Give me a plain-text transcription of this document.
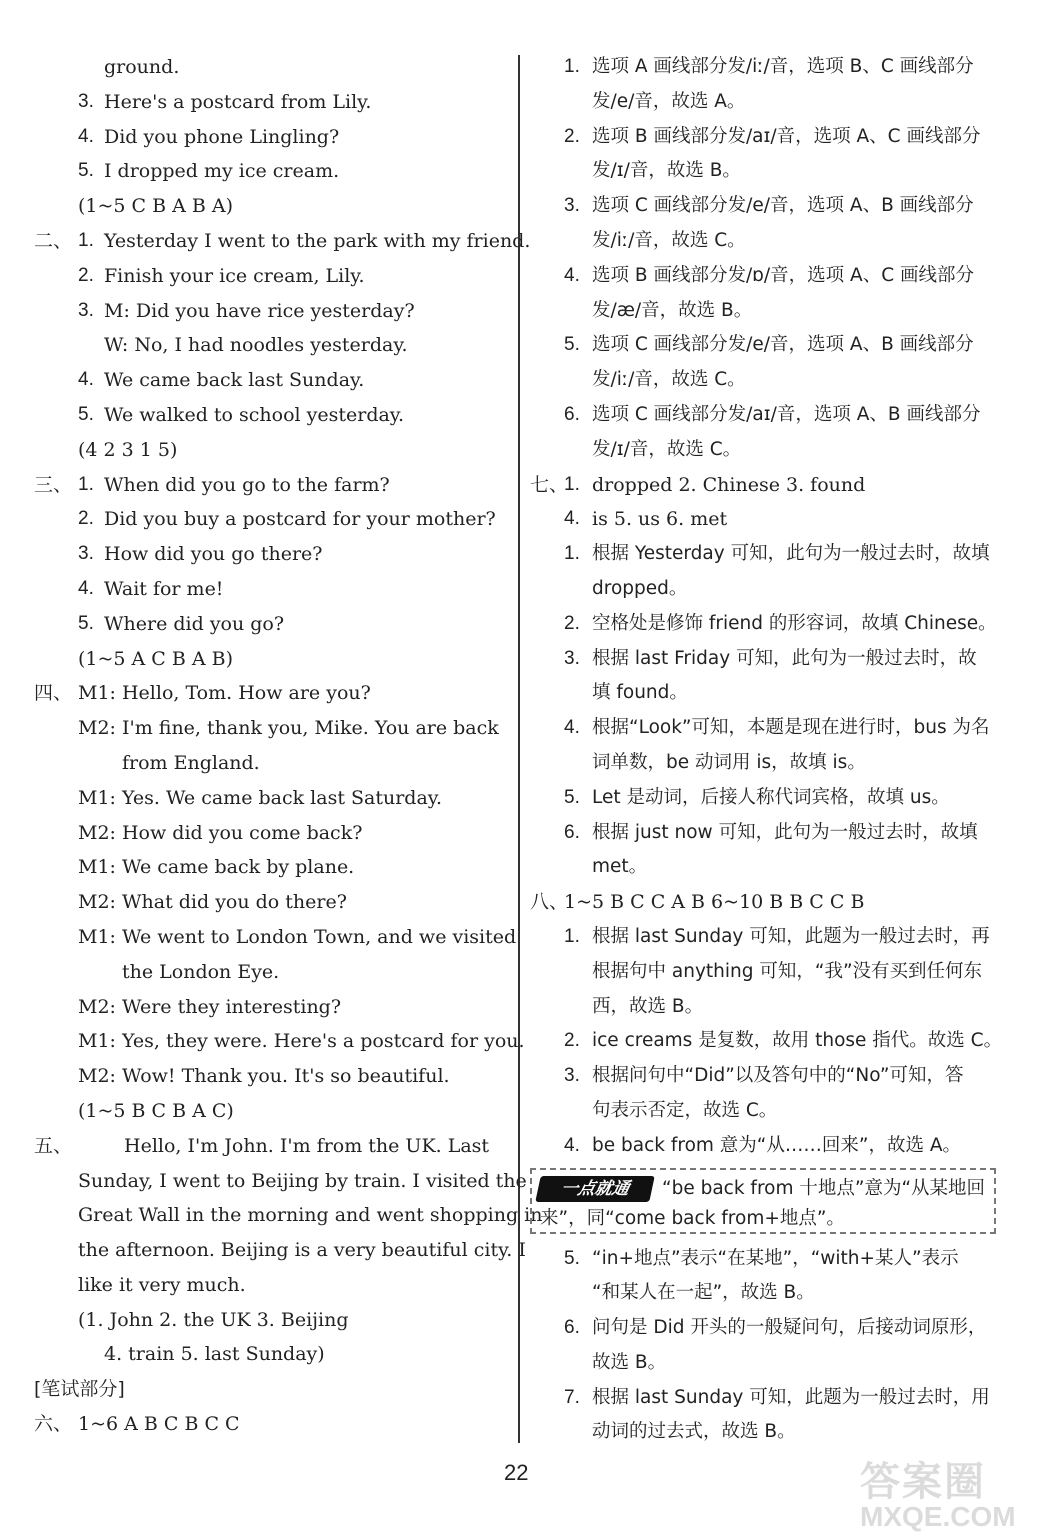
ground.
3. Here's a postcard from Lily.
4. Did you phone Lingling?
5. I dropped my ice cream.
(1~5 C B A B A)
二、 1. Yesterday I went to the park with my friend.
2. Finish your ice cream, Lily.
3. M: Did you have rice yesterday?
W: No, I had noodles yesterday.
4. We came back last Sunday.
5. We walked to school yesterday.
(4 2 3 1 5)
三、 1. When did you go to the farm?
2. Did you buy a postcard for your mother?
3. How did you go there?
4. Wait for me!
5. Where did you go?
(1~5 A C B A B)
四、 M1: Hello, Tom. How are you?
M2: I'm fine, thank you, Mike. You are back
from England.
M1: Yes. We came back last Saturday.
M2: How did you come back?
M1: We came back by plane.
M2: What did you do there?
M1: We went to London Town, and we visited
the London Eye.
M2: Were they interesting?
M1: Yes, they were. Here's a postcard for you.
M2: Wow! Thank you. It's so beautiful.
(1~5 B C B A C)
五、	Hello, I'm John. I'm from the UK. Last
Sunday, I went to Beijing by train. I visited the
Great Wall in the morning and went shopping in
the afternoon. Beijing is a very beautiful city. I
like it very much.
(1. John 2. the UK 3. Beijing
4. train 5. last Sunday)
[笔试部分]
六、 1~6 A B C B C C
1. 选项 A 画线部分发/iː/音，选项 B、C 画线部分
发/e/音，故选 A。
2. 选项 B 画线部分发/aɪ/音，选项 A、C 画线部分
发/ɪ/音，故选 B。
3. 选项 C 画线部分发/e/音，选项 A、B 画线部分
发/iː/音，故选 C。
4. 选项 B 画线部分发/ɒ/音，选项 A、C 画线部分
发/æ/音，故选 B。
5. 选项 C 画线部分发/e/音，选项 A、B 画线部分
发/iː/音，故选 C。
6. 选项 C 画线部分发/aɪ/音，选项 A、B 画线部分
发/ɪ/音，故选 C。
七、
1. dropped 2. Chinese 3. found
4. is 5. us 6. met
1. 根据 Yesterday 可知，此句为一般过去时，故填
dropped。
2. 空格处是修饰 friend 的形容词，故填 Chinese。
3. 根据 last Friday 可知，此句为一般过去时，故
填 found。
4. 根据“Look”可知，本题是现在进行时，bus 为名
词单数，be 动词用 is，故填 is。
5. Let 是动词，后接人称代词宾格，故填 us。
6. 根据 just now 可知，此句为一般过去时，故填
met。
八、
1~5 B C C A B 6~10 B B C C B
1. 根据 last Sunday 可知，此题为一般过去时，再
根据句中 anything 可知，“我”没有买到任何东
西，故选 B。
2. ice creams 是复数，故用 those 指代。故选 C。
3. 根据问句中“Did”以及答句中的“No”可知，答
句表示否定，故选 C。
4. be back from 意为“从……回来”，故选 A。
一点就通	“be back from 十地点”意为“从某地回
来”，同“come back from+地点”。
5. “in+地点”表示“在某地”，“with+某人”表示
“和某人在一起”，故选 B。
6. 问句是 Did 开头的一般疑问句，后接动词原形，
故选 B。
7. 根据 last Sunday 可知，此题为一般过去时，用
动词的过去式，故选 B。
22	答案圈
MXQE.COM
